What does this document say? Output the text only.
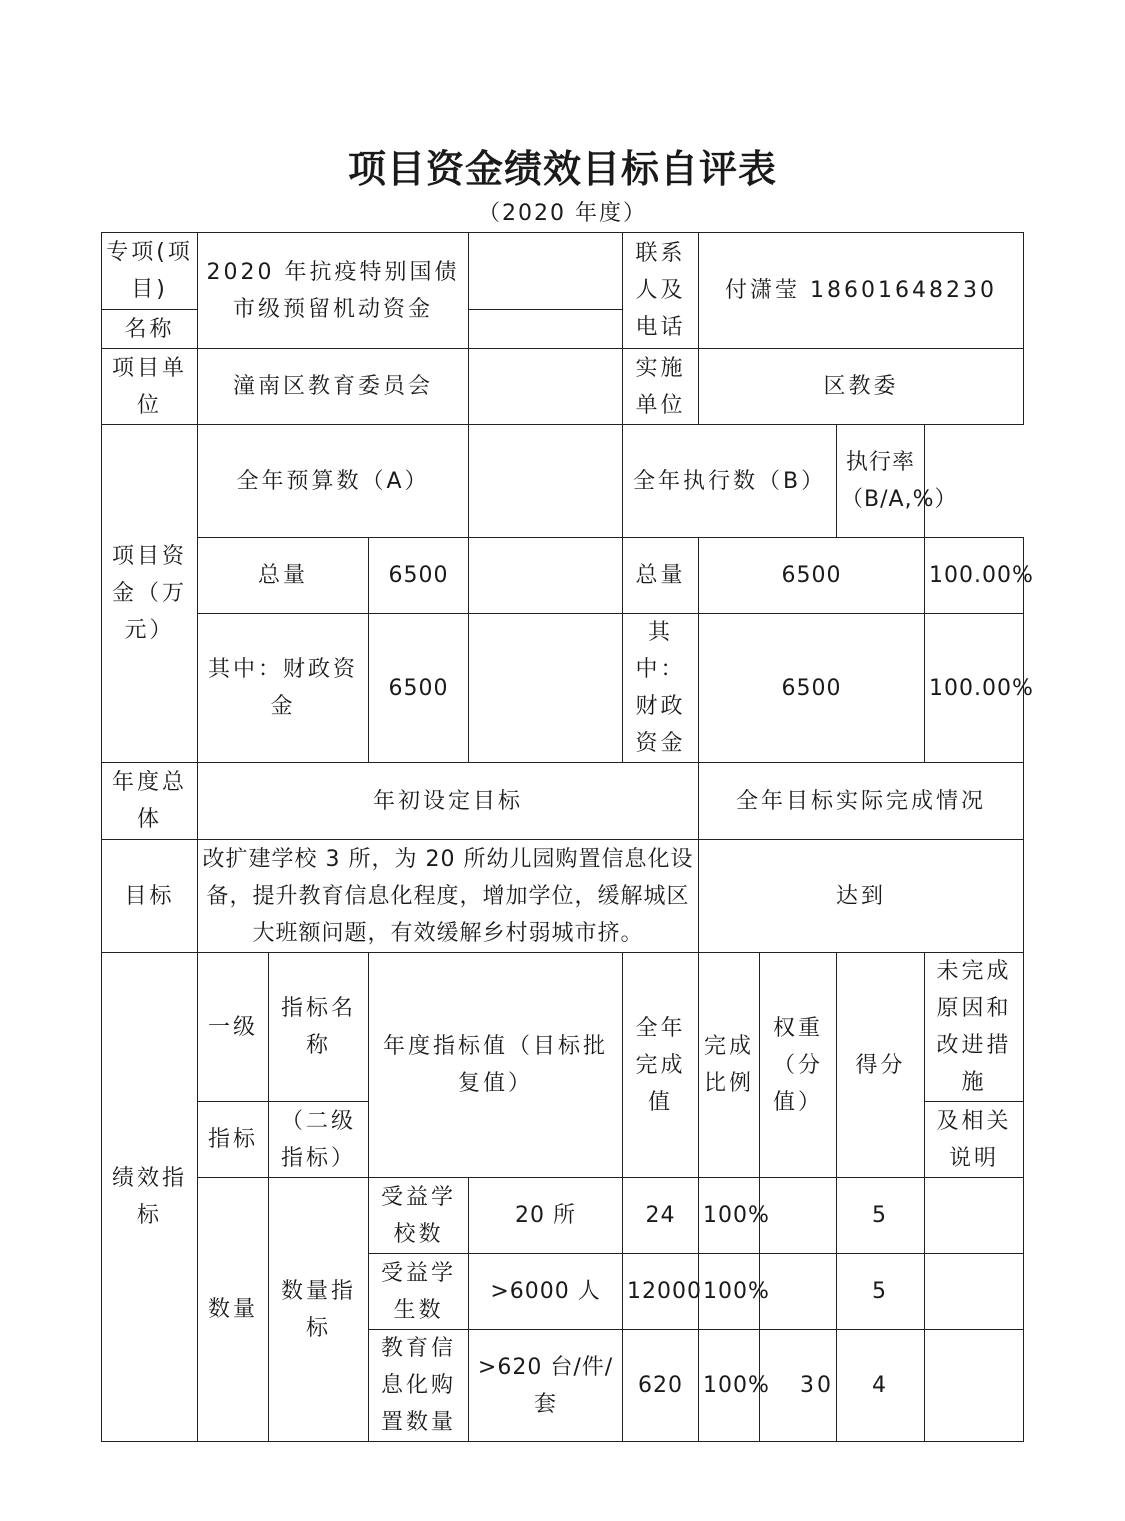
项目资金绩效目标自评表
（2020 年度）
专项(项目)	2020 年抗疫特别国债市级预留机动资金				联系人及电话	付潇莹 18601648230			
名称									
项目单位	潼南区教育委员会				实施单位	区教委			
项目资金（万元）	全年预算数（A）				全年执行数（B）			执行率（B/A,%）	
	总量		6500		总量	6500			100.00%
	其中：财政资金		6500		其中：财政资金	6500			100.00%
年度总体	年初设定目标					全年目标实际完成情况			
目标	改扩建学校 3 所，为 20 所幼儿园购置信息化设备，提升教育信息化程度，增加学位，缓解城区大班额问题，有效缓解乡村弱城市挤。					达到			
绩效指标	一级	指标名称	年度指标值（目标批复值）		全年完成值	完成比例	权重（分值）	得分	未完成原因和改进措施
	指标	（二级指标）							及相关说明
	数量	数量指标	受益学校数	20 所	24	100%		5	
			受益学生数	>6000 人	12000	100%		5	
			教育信息化购置数量	>620 台/件/套	620	100%	30	4	
